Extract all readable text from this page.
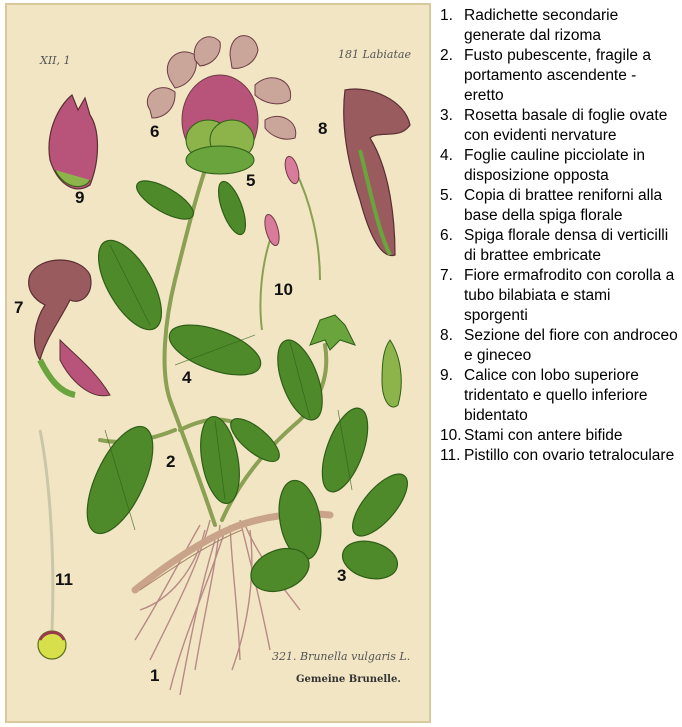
XII, 1	181 Labiatae
1
2
3
4
5
6
7
8
9
10
11
321. Brunella vulgaris L.
Gemeine Brunelle.
1. Radichette secondarie generate dal rizoma
2. Fusto pubescente, fragile a portamento ascendente - eretto
3. Rosetta basale di foglie ovate con evidenti nervature
4. Foglie cauline picciolate in disposizione opposta
5. Copia di brattee reniforni alla base della spiga florale
6. Spiga florale densa di verticilli di brattee embricate
7. Fiore ermafrodito con corolla a tubo bilabiata e stami sporgenti
8. Sezione del fiore con androceo e gineceo
9. Calice con lobo superiore tridentato e quello inferiore bidentato
10. Stami con antere bifide
11. Pistillo con ovario tetraloculare
